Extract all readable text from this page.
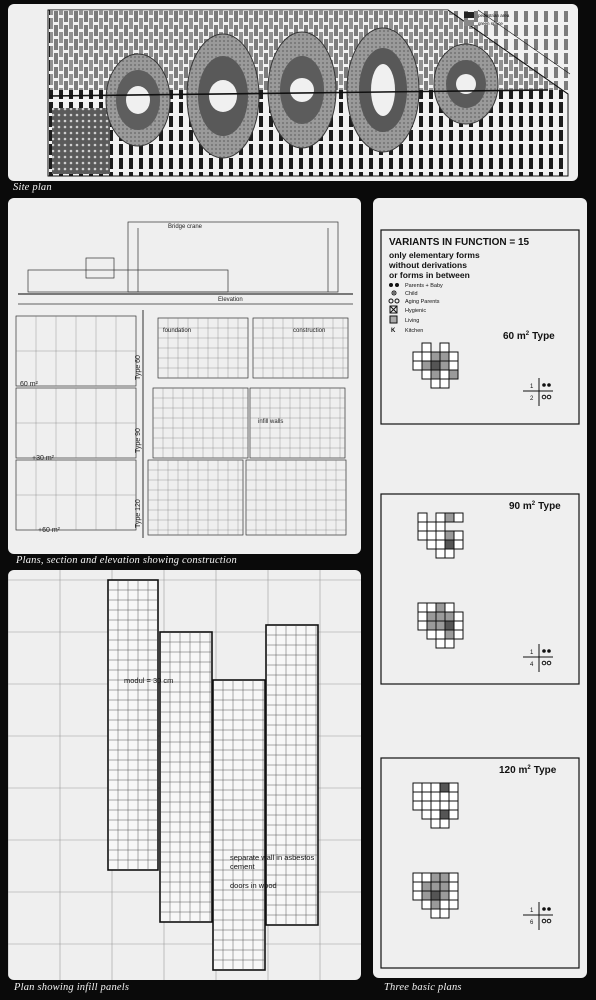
pedestrian area
green space
Site plan
Bridge crane
Elevation
foundation	construction
infill walls
60 m²
+30 m²
+60 m²
Type 60
Type 90
Type 120
Plans, section and elevation showing construction
modul = 30 cm
separate wall in asbestos
cement
doors in wood
Plan showing infill panels
VARIANTS IN FUNCTION = 15
only elementary forms
without derivations
or forms in between
Parents + Baby
Child
Aging Parents
Hygienic
Living
K Kitchen	60 $m^2$ Type
90 $m^2$ Type
120 $m^2$ Type
1
2
1
4
1
6
Three basic plans
